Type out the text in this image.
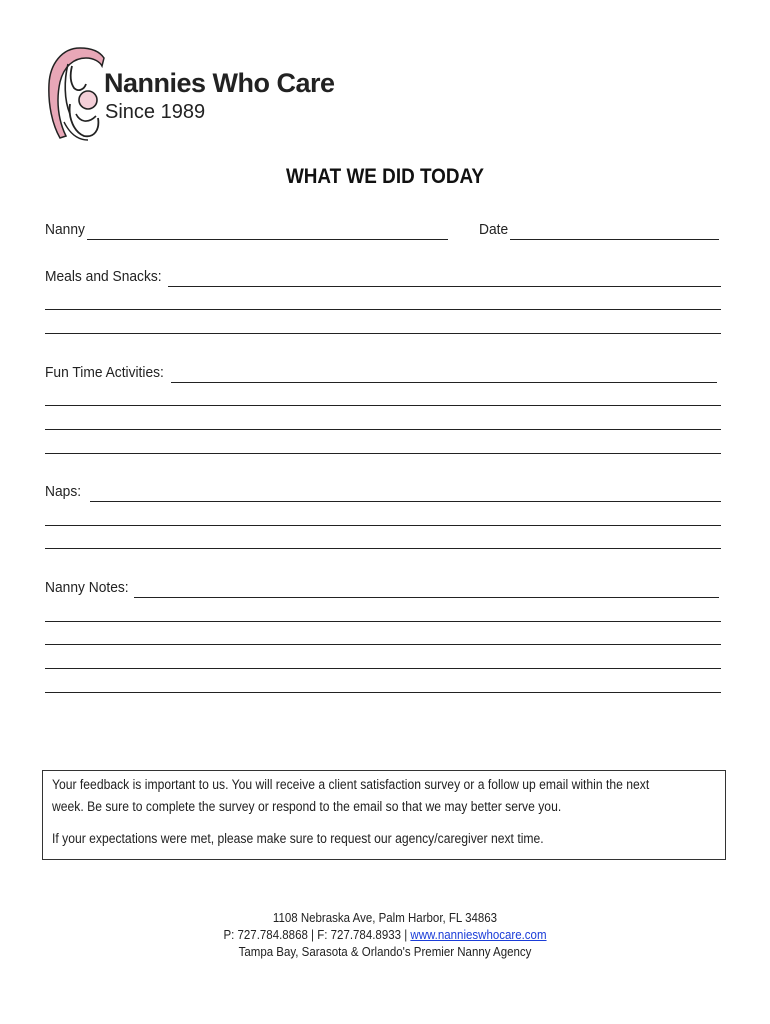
Nannies Who Care
Since 1989
WHAT WE DID TODAY
Nanny	Date
Meals and Snacks:
Fun Time Activities:
Naps:
Nanny Notes:
Your feedback is important to us. You will receive a client satisfaction survey or a follow up email within the next week. Be sure to complete the survey or respond to the email so that we may better serve you.
If your expectations were met, please make sure to request our agency/caregiver next time.
1108 Nebraska Ave, Palm Harbor, FL 34863
P: 727.784.8868 | F: 727.784.8933 | www.nannieswhocare.com
Tampa Bay, Sarasota & Orlando's Premier Nanny Agency
